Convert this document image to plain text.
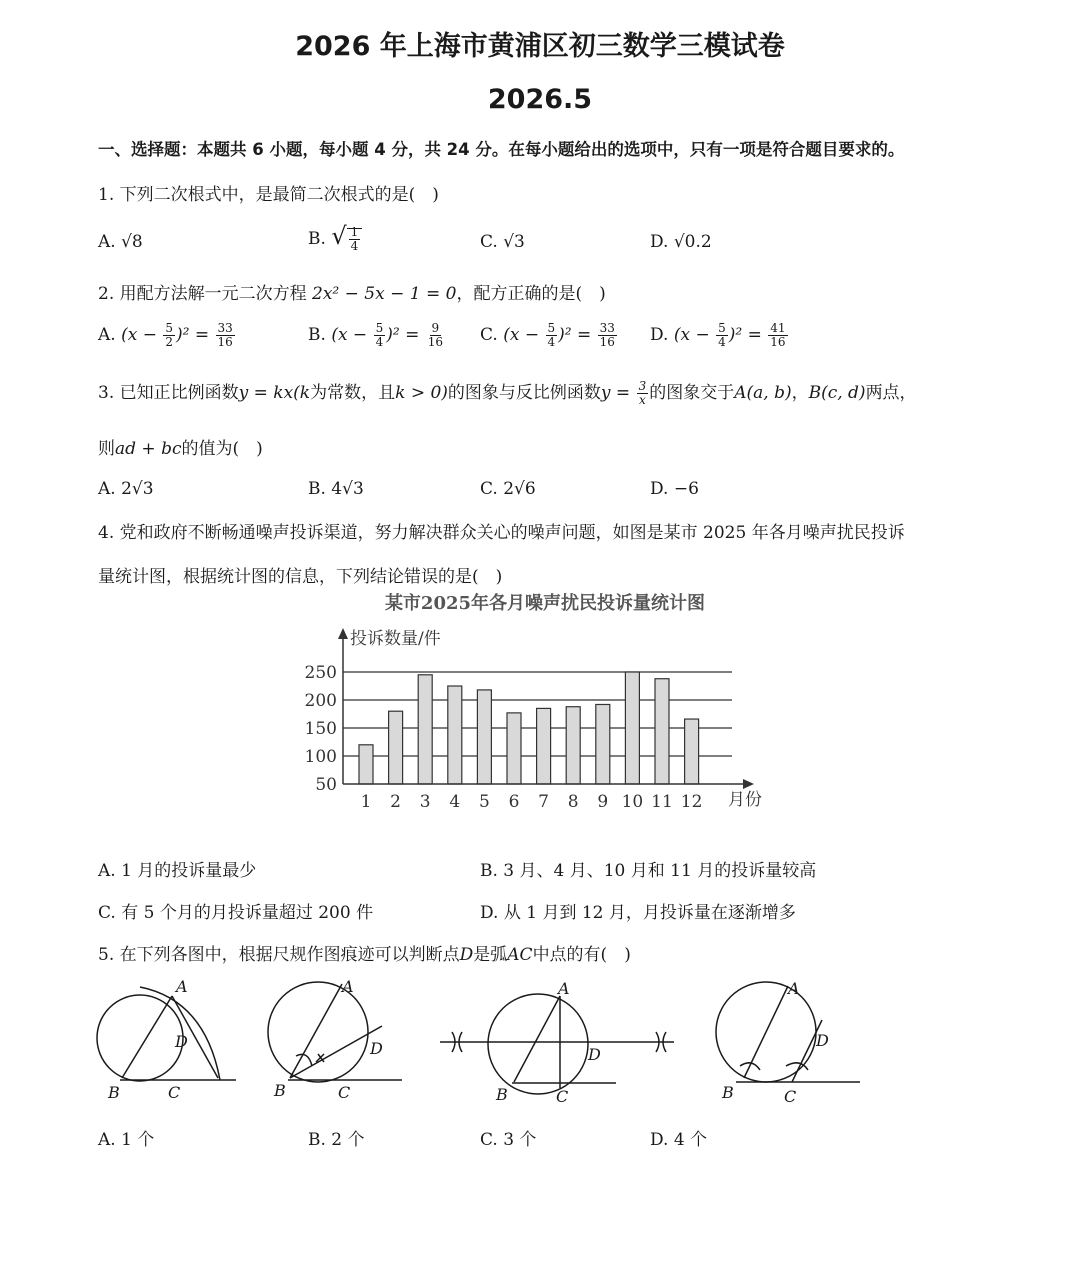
2026 年上海市黄浦区初三数学三模试卷
2026.5
一、选择题：本题共 6 小题，每小题 4 分，共 24 分。在每小题给出的选项中，只有一项是符合题目要求的。
1. 下列二次根式中，是最简二次根式的是(　)
A. √8	B. √ $\frac{1}{4}$	C. √3	D. √0.2
2. 用配方法解一元二次方程 2x² − 5x − 1 = 0，配方正确的是(　)
A. $(x - \frac{5}{2} )^2 = \frac{33}{16}$	B. $(x - \frac{5}{4} )^2 = \frac{9}{16} C$. $(x - \frac{5}{4} )^2 = \frac{33}{16} D$. $(x - \frac{5}{4} )^2 = \frac{41}{16}$
3. 已知正比例函数y = kx(k为常数，且k > 0)的图象与反比例函数$y = \frac{3}{x}$ 的图象交于A(a, b)，B(c, d)两点，
则ad + bc的值为(　)
A. 2√3	B. 4√3	C. 2√6	D. −6
4. 党和政府不断畅通噪声投诉渠道，努力解决群众关心的噪声问题，如图是某市 2025 年各月噪声扰民投诉
量统计图，根据统计图的信息，下列结论错误的是(　)
某市2025年各月噪声扰民投诉量统计图
投诉数量/件
月份
50
100
150
200
250
1 2 3 4 5 6 7 8 9 10 11 12
A. 1 月的投诉量最少	B. 3 月、4 月、10 月和 11 月的投诉量较高
C. 有 5 个月的月投诉量超过 200 件	D. 从 1 月到 12 月，月投诉量在逐渐增多
5. 在下列各图中，根据尺规作图痕迹可以判断点D是弧AC中点的有(　)
A
D
B	C
A
D
B	C
A
D
B	C
A
D
B	C
A. 1 个	B. 2 个	C. 3 个	D. 4 个
